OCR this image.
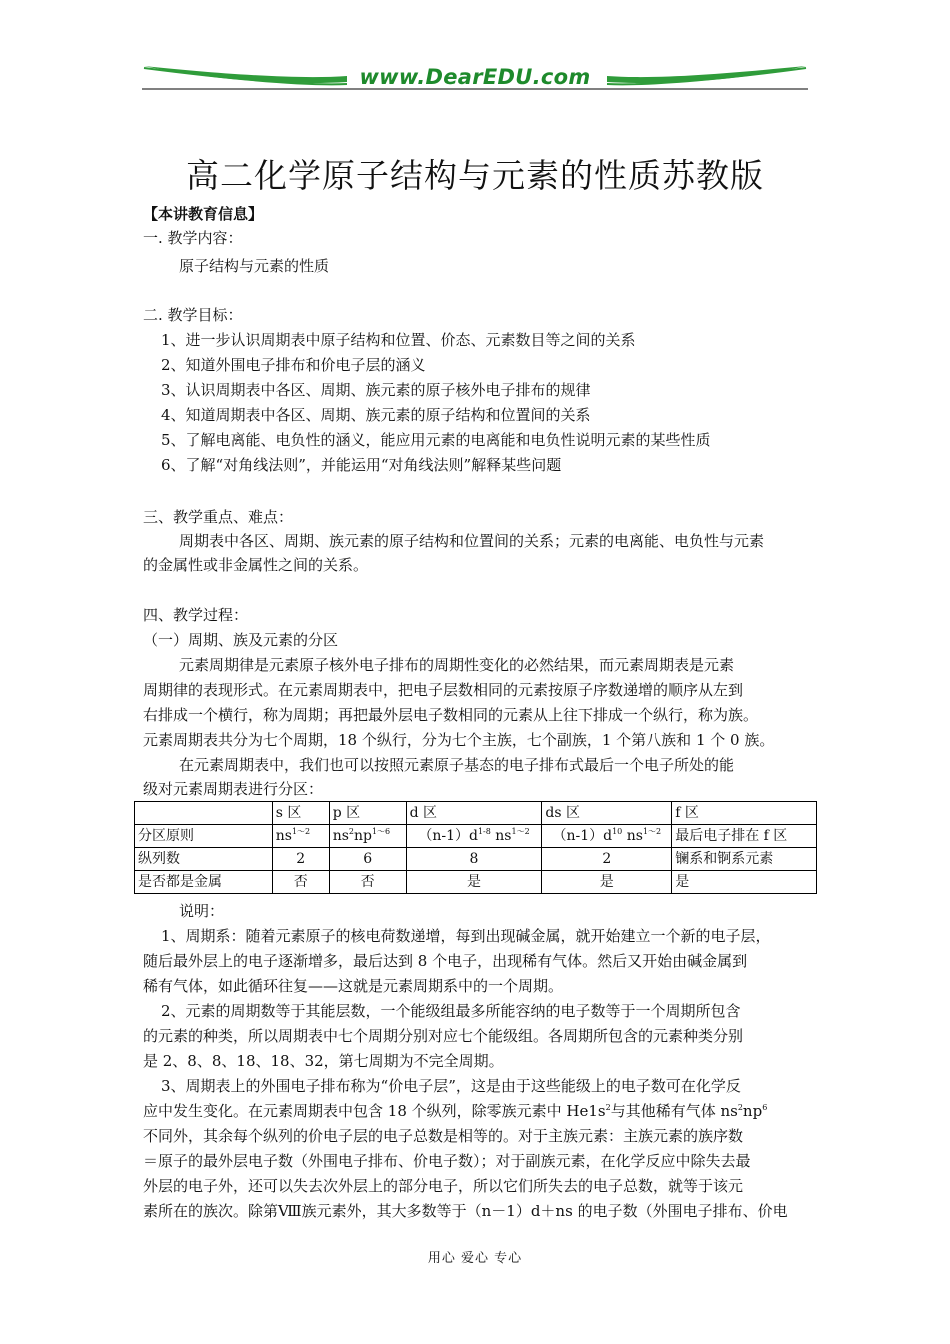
www.DearEDU.com
高二化学原子结构与元素的性质苏教版
【本讲教育信息】
一. 教学内容：
原子结构与元素的性质
二. 教学目标：
1、进一步认识周期表中原子结构和位置、价态、元素数目等之间的关系
2、知道外围电子排布和价电子层的涵义
3、认识周期表中各区、周期、族元素的原子核外电子排布的规律
4、知道周期表中各区、周期、族元素的原子结构和位置间的关系
5、了解电离能、电负性的涵义，能应用元素的电离能和电负性说明元素的某些性质
6、了解“对角线法则”，并能运用“对角线法则”解释某些问题
三、教学重点、难点：
周期表中各区、周期、族元素的原子结构和位置间的关系；元素的电离能、电负性与元素
的金属性或非金属性之间的关系。
四、教学过程：
（一）周期、族及元素的分区
元素周期律是元素原子核外电子排布的周期性变化的必然结果，而元素周期表是元素
周期律的表现形式。在元素周期表中，把电子层数相同的元素按原子序数递增的顺序从左到
右排成一个横行，称为周期；再把最外层电子数相同的元素从上往下排成一个纵行，称为族。
元素周期表共分为七个周期，18 个纵行，分为七个主族，七个副族，1 个第八族和 1 个 0 族。
在元素周期表中，我们也可以按照元素原子基态的电子排布式最后一个电子所处的能
级对元素周期表进行分区：
	s 区	p 区	d 区	ds 区	f 区
分区原则	$ns^{1\sim 2}$	$ns^2np^{1\sim 6}$	$(n-1)d^{1-8}$ $ns^{1\sim 2}$	$(n-1)d^{10}$ $ns^{1\sim 2}$	最后电子排在 f 区
纵列数	2	6	8	2	镧系和锕系元素
是否都是金属	否	否	是	是	是
说明：
1、周期系：随着元素原子的核电荷数递增，每到出现碱金属，就开始建立一个新的电子层，
随后最外层上的电子逐渐增多，最后达到 8 个电子，出现稀有气体。然后又开始由碱金属到
稀有气体，如此循环往复——这就是元素周期系中的一个周期。
2、元素的周期数等于其能层数，一个能级组最多所能容纳的电子数等于一个周期所包含
的元素的种类，所以周期表中七个周期分别对应七个能级组。各周期所包含的元素种类分别
是 2、8、8、18、18、32，第七周期为不完全周期。
3、周期表上的外围电子排布称为“价电子层”，这是由于这些能级上的电子数可在化学反
应中发生变化。在元素周期表中包含 18 个纵列，除零族元素中 $He1s^2$与其他稀有气体 $ns^2np^6$
不同外，其余每个纵列的价电子层的电子总数是相等的。对于主族元素：主族元素的族序数
＝原子的最外层电子数（外围电子排布、价电子数）；对于副族元素，在化学反应中除失去最
外层的电子外，还可以失去次外层上的部分电子，所以它们所失去的电子总数，就等于该元
素所在的族次。除第Ⅷ族元素外，其大多数等于（n－1）d＋ns 的电子数（外围电子排布、价电
用心 爱心 专心
